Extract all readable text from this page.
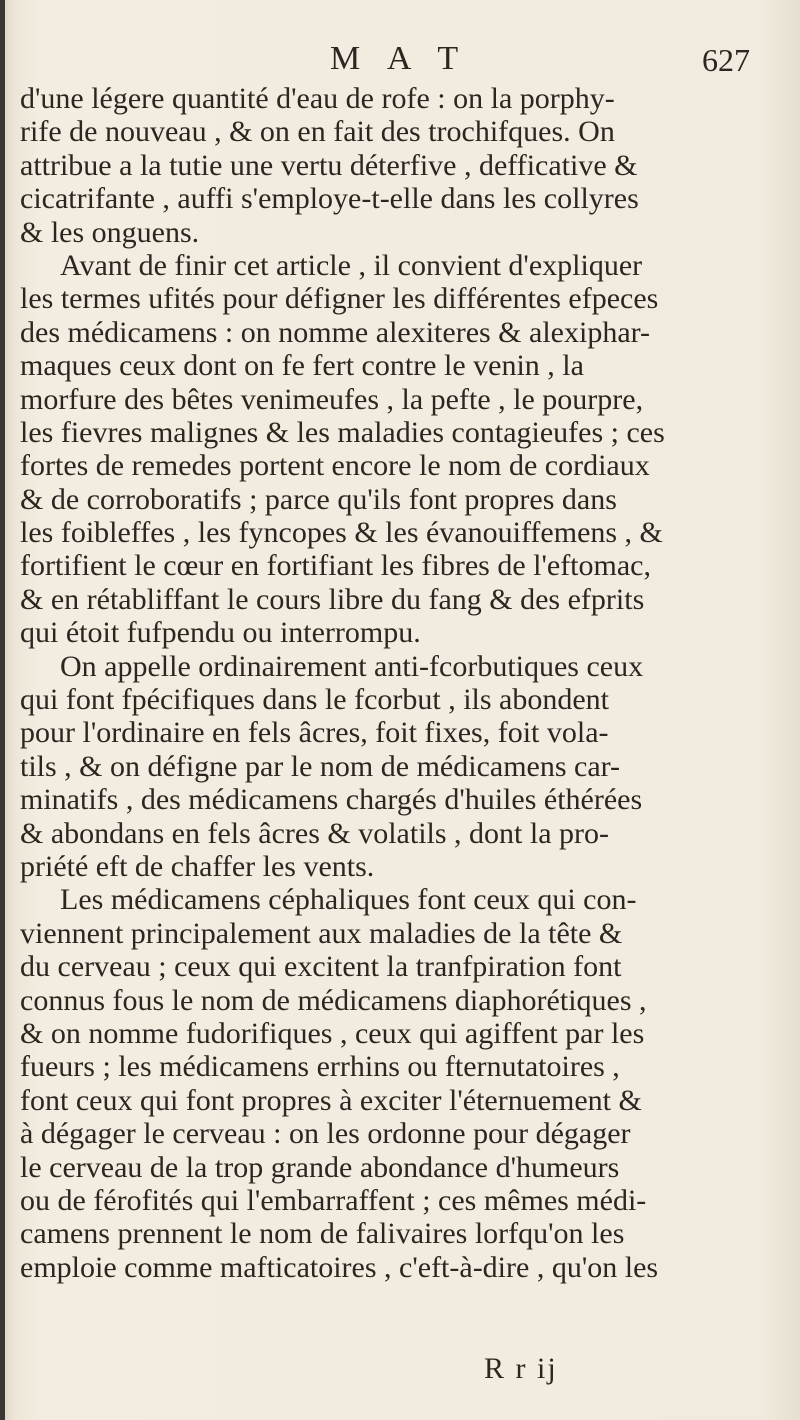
M A T	627
d'une légere quantité d'eau de rofe : on la porphy-
rife de nouveau , & on en fait des trochifques. On
attribue a la tutie une vertu déterfive , defficative &
cicatrifante , auffi s'employe-t-elle dans les collyres
& les onguens.
Avant de finir cet article , il convient d'expliquer
les termes ufités pour défigner les différentes efpeces
des médicamens : on nomme alexiteres & alexiphar-
maques ceux dont on fe fert contre le venin , la
morfure des bêtes venimeufes , la pefte , le pourpre,
les fievres malignes & les maladies contagieufes ; ces
fortes de remedes portent encore le nom de cordiaux
& de corroboratifs ; parce qu'ils font propres dans
les foibleffes , les fyncopes & les évanouiffemens , &
fortifient le cœur en fortifiant les fibres de l'eftomac,
& en rétabliffant le cours libre du fang & des efprits
qui étoit fufpendu ou interrompu.
On appelle ordinairement anti-fcorbutiques ceux
qui font fpécifiques dans le fcorbut , ils abondent
pour l'ordinaire en fels âcres, foit fixes, foit vola-
tils , & on défigne par le nom de médicamens car-
minatifs , des médicamens chargés d'huiles éthérées
& abondans en fels âcres & volatils , dont la pro-
priété eft de chaffer les vents.
Les médicamens céphaliques font ceux qui con-
viennent principalement aux maladies de la tête &
du cerveau ; ceux qui excitent la tranfpiration font
connus fous le nom de médicamens diaphorétiques ,
& on nomme fudorifiques , ceux qui agiffent par les
fueurs ; les médicamens errhins ou fternutatoires ,
font ceux qui font propres à exciter l'éternuement &
à dégager le cerveau : on les ordonne pour dégager
le cerveau de la trop grande abondance d'humeurs
ou de férofités qui l'embarraffent ; ces mêmes médi-
camens prennent le nom de falivaires lorfqu'on les
emploie comme mafticatoires , c'eft-à-dire , qu'on les
R r ij
